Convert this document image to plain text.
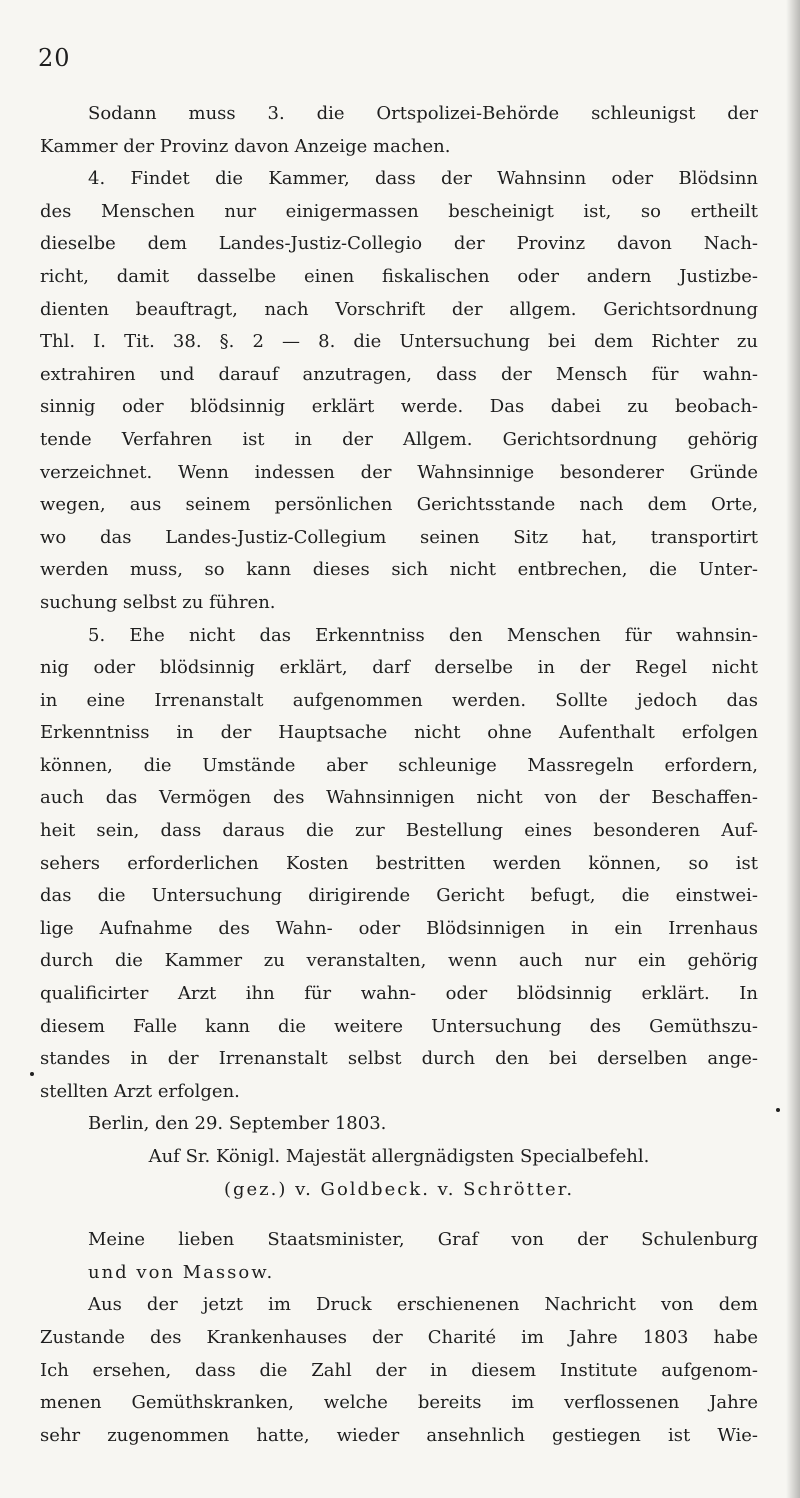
20
Sodann muss 3. die Ortspolizei-Behörde schleunigst der
Kammer der Provinz davon Anzeige machen.
4. Findet die Kammer, dass der Wahnsinn oder Blödsinn
des Menschen nur einigermassen bescheinigt ist, so ertheilt
dieselbe dem Landes-Justiz-Collegio der Provinz davon Nach-
richt, damit dasselbe einen fiskalischen oder andern Justizbe-
dienten beauftragt, nach Vorschrift der allgem. Gerichtsordnung
Thl. I. Tit. 38. §. 2 — 8. die Untersuchung bei dem Richter zu
extrahiren und darauf anzutragen, dass der Mensch für wahn-
sinnig oder blödsinnig erklärt werde. Das dabei zu beobach-
tende Verfahren ist in der Allgem. Gerichtsordnung gehörig
verzeichnet. Wenn indessen der Wahnsinnige besonderer Gründe
wegen, aus seinem persönlichen Gerichtsstande nach dem Orte,
wo das Landes-Justiz-Collegium seinen Sitz hat, transportirt
werden muss, so kann dieses sich nicht entbrechen, die Unter-
suchung selbst zu führen.
5. Ehe nicht das Erkenntniss den Menschen für wahnsin-
nig oder blödsinnig erklärt, darf derselbe in der Regel nicht
in eine Irrenanstalt aufgenommen werden. Sollte jedoch das
Erkenntniss in der Hauptsache nicht ohne Aufenthalt erfolgen
können, die Umstände aber schleunige Massregeln erfordern,
auch das Vermögen des Wahnsinnigen nicht von der Beschaffen-
heit sein, dass daraus die zur Bestellung eines besonderen Auf-
sehers erforderlichen Kosten bestritten werden können, so ist
das die Untersuchung dirigirende Gericht befugt, die einstwei-
lige Aufnahme des Wahn- oder Blödsinnigen in ein Irrenhaus
durch die Kammer zu veranstalten, wenn auch nur ein gehörig
qualificirter Arzt ihn für wahn- oder blödsinnig erklärt. In
diesem Falle kann die weitere Untersuchung des Gemüthszu-
standes in der Irrenanstalt selbst durch den bei derselben ange-
stellten Arzt erfolgen.
Berlin, den 29. September 1803.
Auf Sr. Königl. Majestät allergnädigsten Specialbefehl.
(gez.) v. Goldbeck. v. Schrötter.
Meine lieben Staatsminister, Graf von der Schulenburg
und von Massow.
Aus der jetzt im Druck erschienenen Nachricht von dem
Zustande des Krankenhauses der Charité im Jahre 1803 habe
Ich ersehen, dass die Zahl der in diesem Institute aufgenom-
menen Gemüthskranken, welche bereits im verflossenen Jahre
sehr zugenommen hatte, wieder ansehnlich gestiegen ist Wie-
